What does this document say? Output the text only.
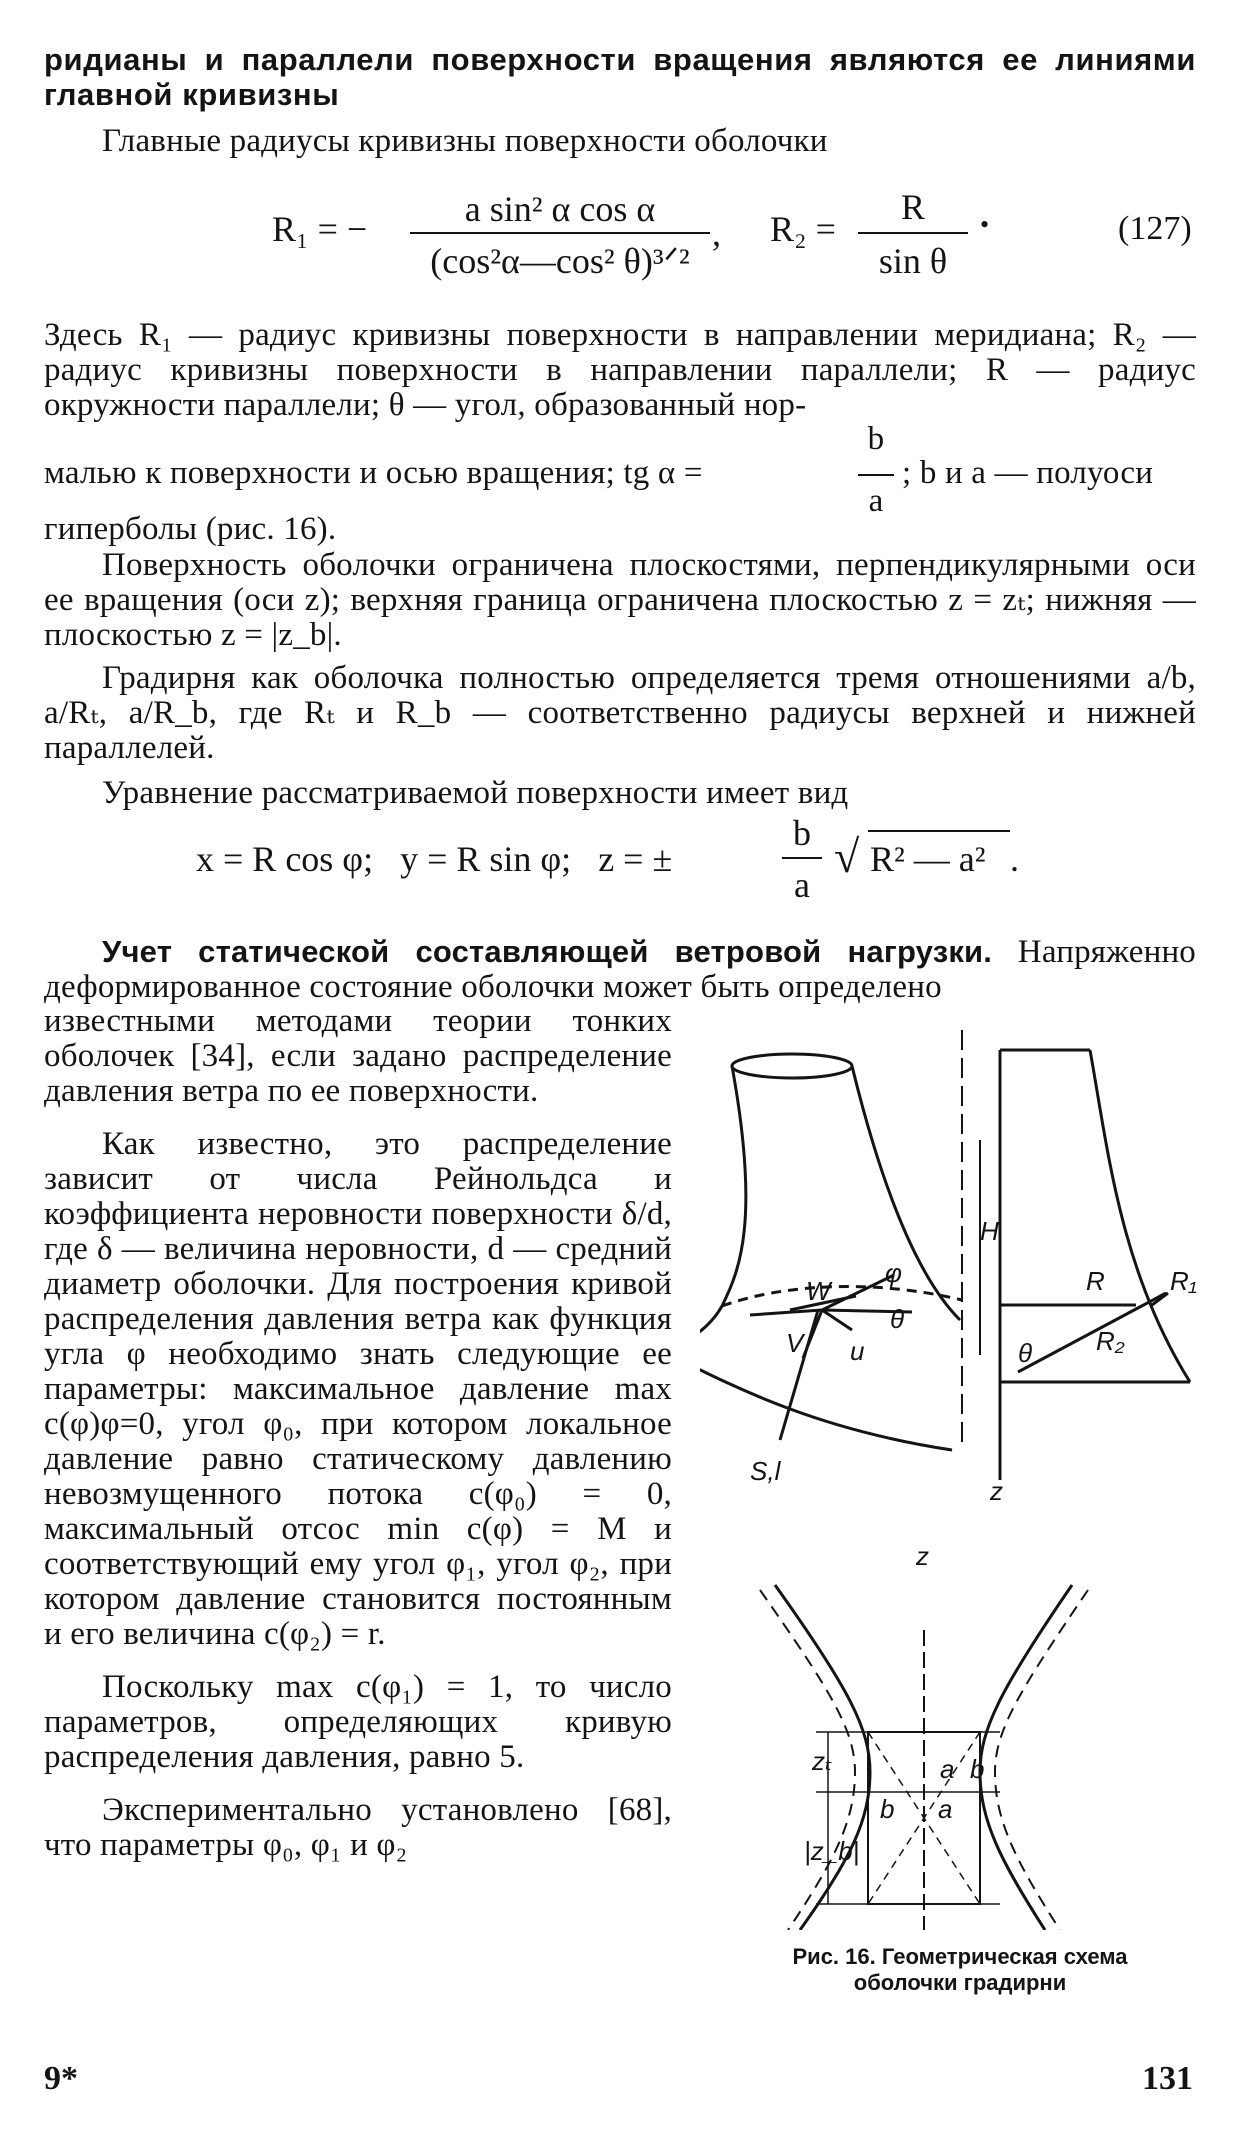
ридианы и параллели поверхности вращения являются ее линиями главной кривизны

Главные радиусы кривизны поверхности оболочки

R₁ = −	a sin² α cos α
(cos²α—cos² θ)³ᐟ²
, R₂ =
R
sin θ
•	(127)

Здесь R₁ — радиус кривизны поверхности в направлении меридиана; R₂ — радиус кривизны поверхности в направлении параллели; R — радиус окружности параллели; θ — угол, образованный нор-

малью к поверхности и осью вращения; tg α =
b
a
; b и a — полуоси

гиперболы (рис. 16).

Поверхность оболочки ограничена плоскостями, перпендикулярными оси ее вращения (оси z); верхняя граница ограничена плоскостью z = zₜ; нижняя — плоскостью z = |z_b|.

Градирня как оболочка полностью определяется тремя отношениями a/b, a/Rₜ, a/R_b, где Rₜ и R_b — соответственно радиусы верхней и нижней параллелей.

Уравнение рассматриваемой поверхности имеет вид

x = R cos φ;   y = R sin φ;   z = ±
b
a
√ R² — a² .

Учет статической составляющей ветровой нагрузки. Напряженно деформированное состояние оболочки может быть определено

известными методами теории тонких оболочек [34], если задано распределение давления ветра по ее поверхности.

Как известно, это распределение зависит от числа Рейнольдса и коэффициента неровности поверхности δ/d, где δ — величина неровности, d — средний диаметр оболочки. Для построения кривой распределения давления ветра как функция угла φ необходимо знать следующие ее параметры: максимальное давление max c(φ)φ=0, угол φ₀, при котором локальное давление равно статическому давлению невозмущенного потока c(φ₀) = 0, максимальный отсос min c(φ) = M и соответствующий ему угол φ₁, угол φ₂, при котором давление становится постоянным и его величина c(φ₂) = r.

Поскольку max c(φ₁) = 1, то число параметров, определяющих кривую распределения давления, равно 5.

Экспериментально установлено [68], что параметры φ₀, φ₁ и φ₂

H
W
φ
V u
θ
S,l
R	R₁
R₂
θ
z
z
zₜ
|z_b|
a b
b a
Рис. 16. Геометрическая схема
оболочки градирни
9*	131
